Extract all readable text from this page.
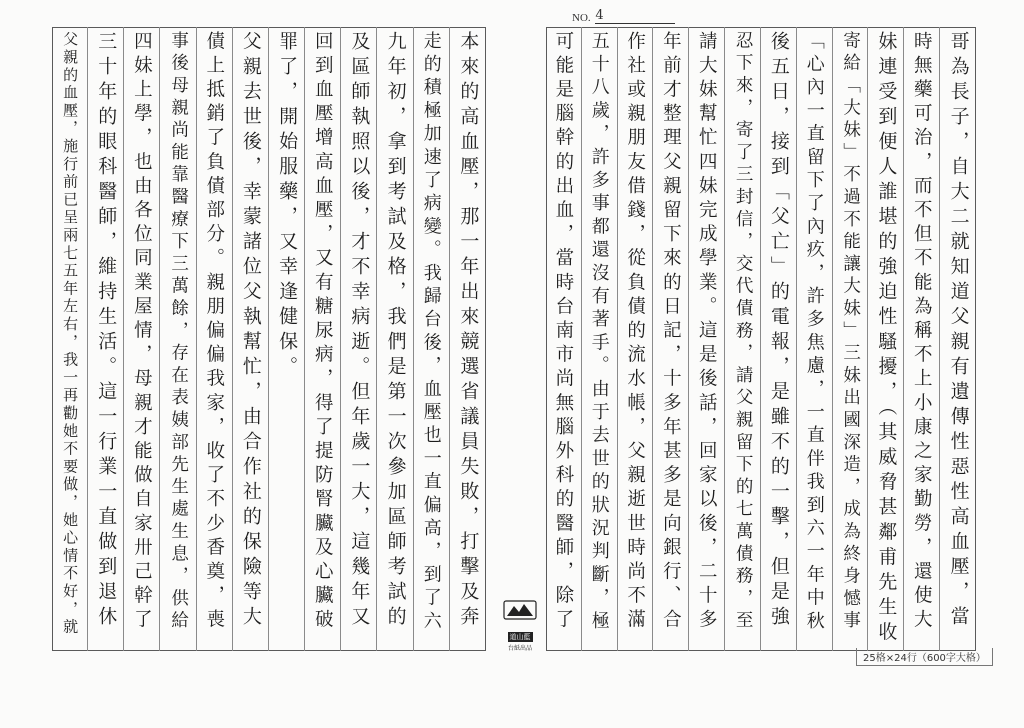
NO. 4
父親的血壓，施行前已呈兩七五年左右，我一再勸她不要做，她心情不好，就 三十年的眼科醫師，維持生活。這一行業一直做到退休 四妹上學，也由各位同業屋情，母親才能做自家卅己幹了 事後母親尚能靠醫療下三萬餘，存在表姨部先生處生息，供給 債上抵銷了負債部分。親朋偏偏我家，收了不少香奠，喪 父親去世後，幸蒙諸位父執幫忙，由合作社的保險等大 罪了，開始服藥，又幸逢健保。 回到血壓增高血壓，又有糖尿病，得了提防腎臟及心臟破 及區師執照以後，才不幸病逝。但年歲一大，這幾年又 九年初，拿到考試及格，我們是第一次參加區師考試的 走的積極加速了病變。我歸台後，血壓也一直偏高，到了六 本來的高血壓，那一年出來競選省議員失敗，打擊及奔	可能是腦幹的出血，當時台南市尚無腦外科的醫師，除了 五十八歲，許多事都還沒有著手。由于去世的狀況判斷，極 作社或親朋友借錢，從負債的流水帳，父親逝世時尚不滿 年前才整理父親留下來的日記，十多年甚多是向銀行、合 請大妹幫忙四妹完成學業。這是後話，回家以後，二十多 忍下來，寄了三封信，交代債務，請父親留下的七萬債務，至 後五日，接到「父亡」的電報，是雖不的一擊，但是強 「心內一直留下了內疚，許多焦慮，一直伴我到六一年中秋 寄給「大妹」不過不能讓大妹」三妹出國深造，成為終身憾事 妹連受到便人誰堪的強迫性騷擾，（其威脅甚鄰甫先生收 時無藥可治，而不但不能為稱不上小康之家勤勞，還使大 哥為長子，自大二就知道父親有遺傳性惡性高血壓，當
道山藍
台紙出品
25格×24行（600字大格）
